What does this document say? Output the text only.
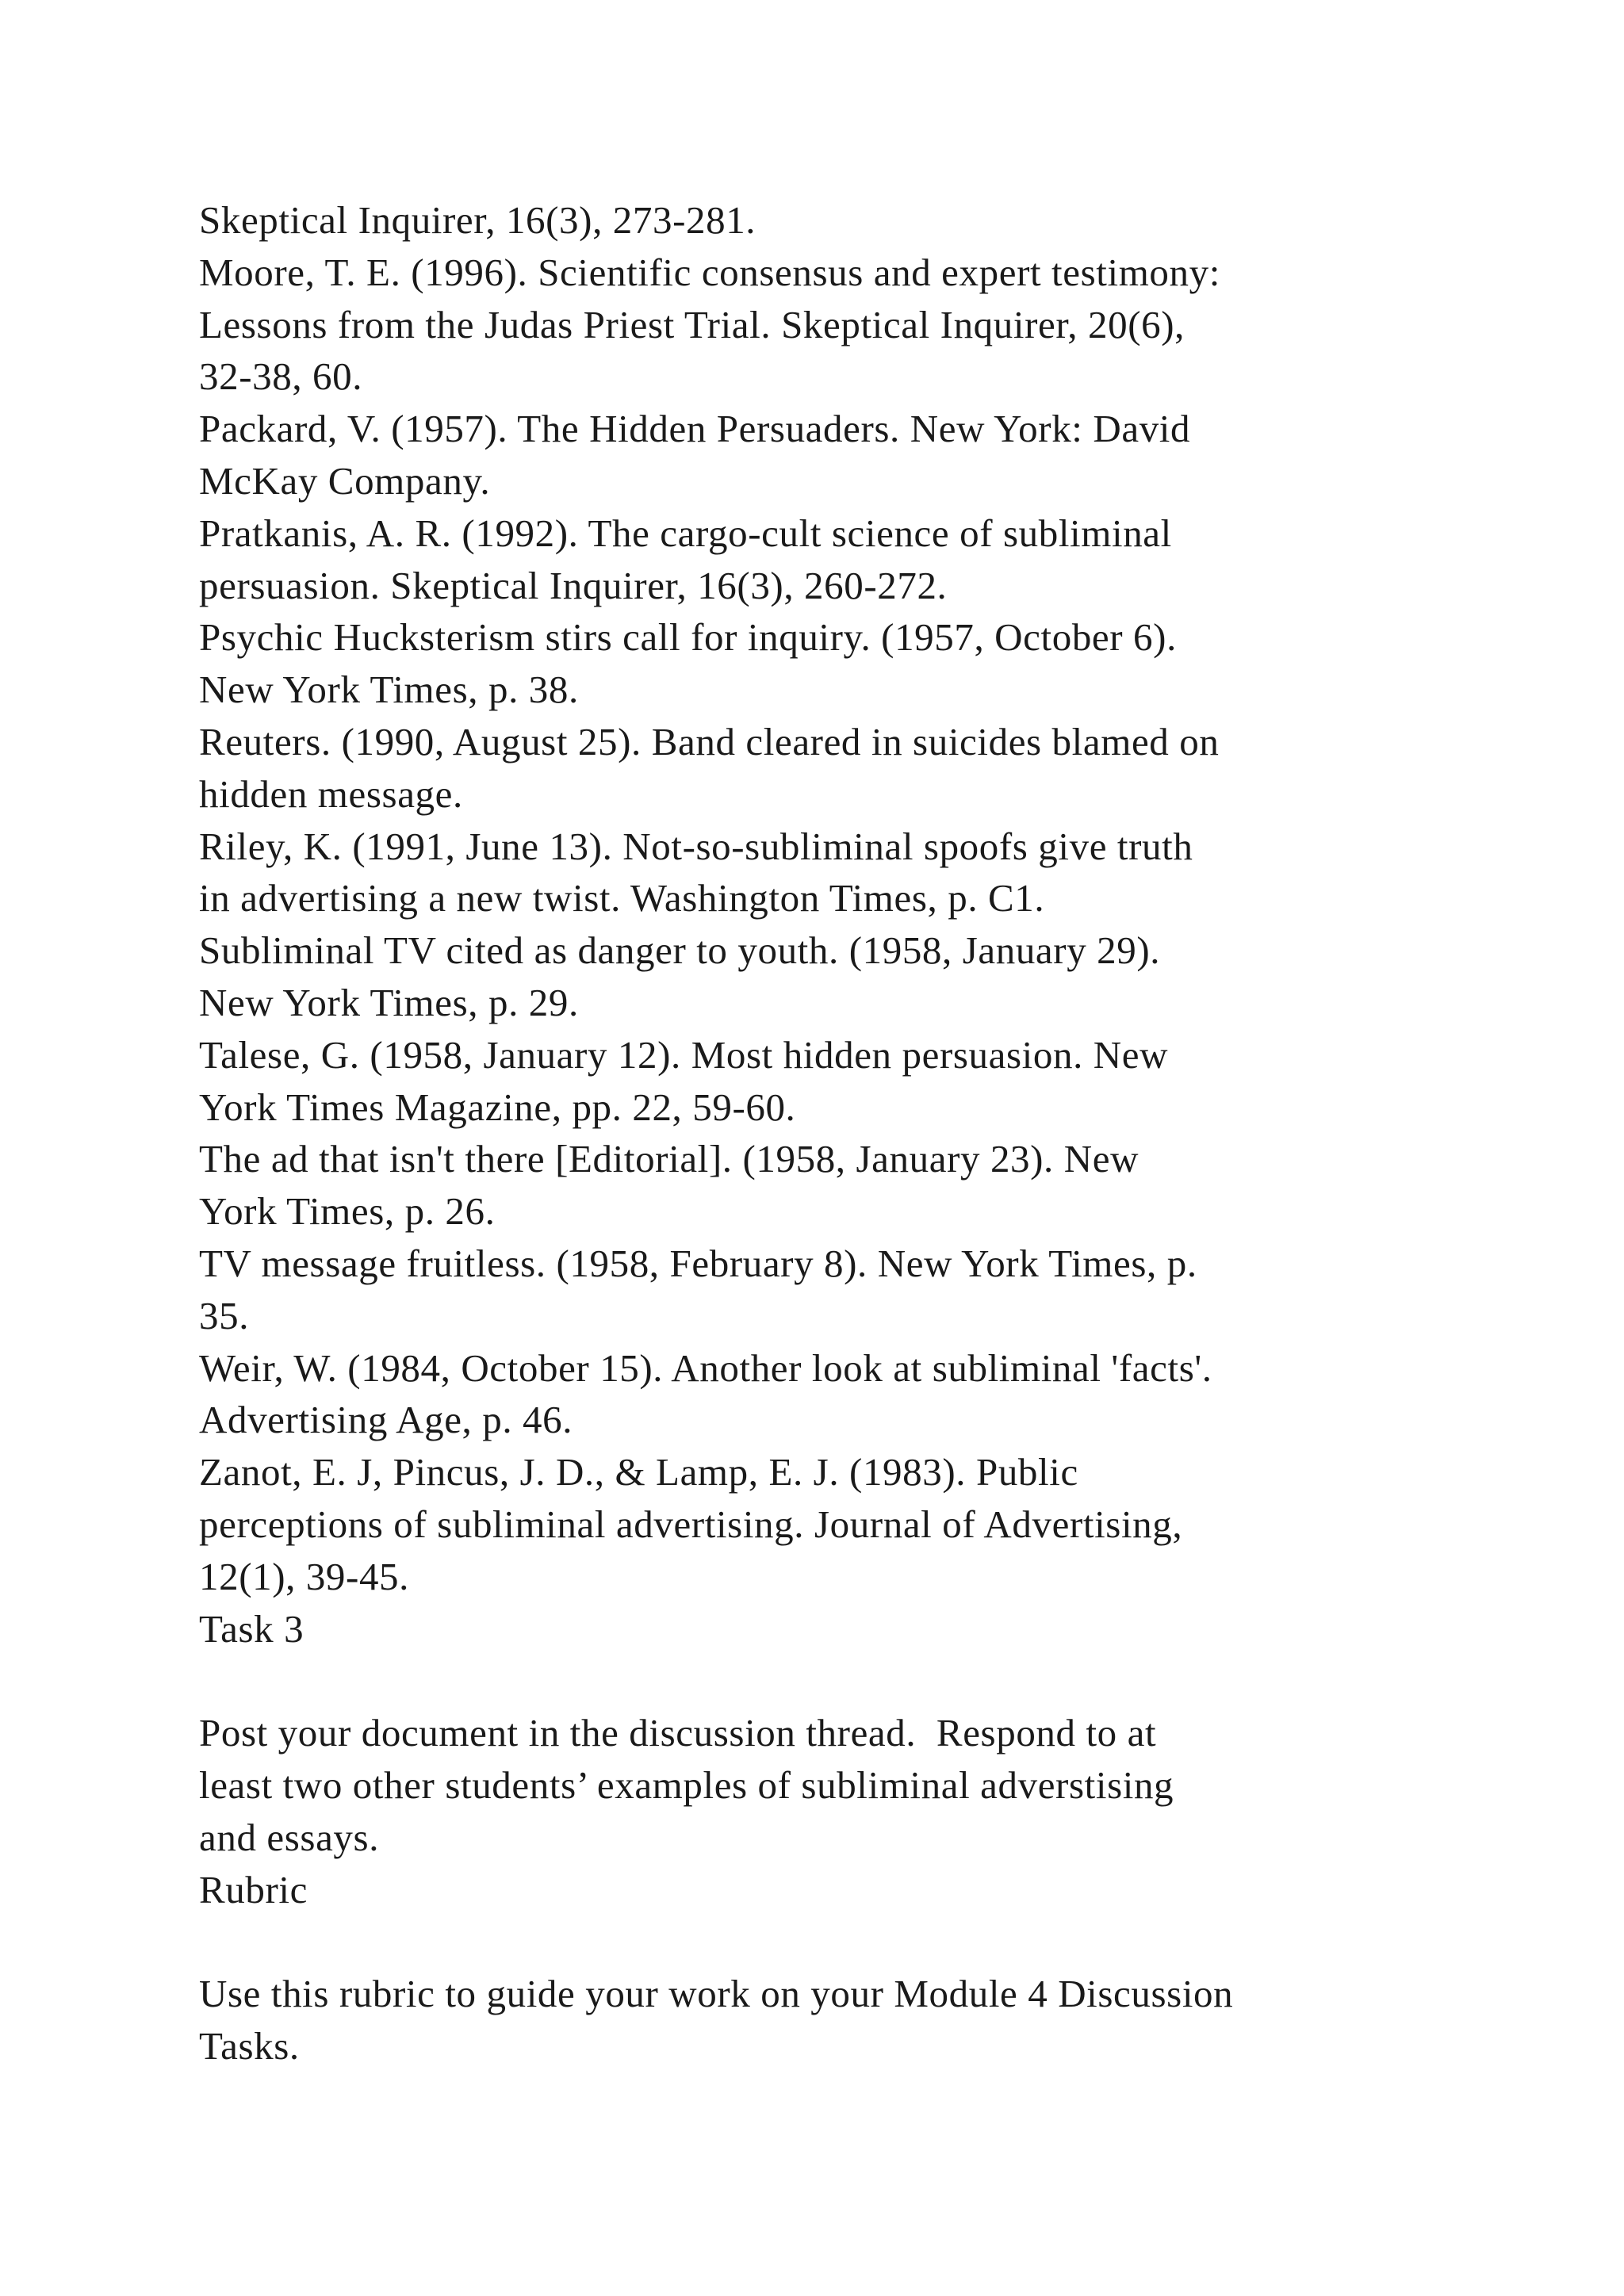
Skeptical Inquirer, 16(3), 273-281.
Moore, T. E. (1996). Scientific consensus and expert testimony:
Lessons from the Judas Priest Trial. Skeptical Inquirer, 20(6),
32-38, 60.
Packard, V. (1957). The Hidden Persuaders. New York: David
McKay Company.
Pratkanis, A. R. (1992). The cargo-cult science of subliminal
persuasion. Skeptical Inquirer, 16(3), 260-272.
Psychic Hucksterism stirs call for inquiry. (1957, October 6).
New York Times, p. 38.
Reuters. (1990, August 25). Band cleared in suicides blamed on
hidden message.
Riley, K. (1991, June 13). Not-so-subliminal spoofs give truth
in advertising a new twist. Washington Times, p. C1.
Subliminal TV cited as danger to youth. (1958, January 29).
New York Times, p. 29.
Talese, G. (1958, January 12). Most hidden persuasion. New
York Times Magazine, pp. 22, 59-60.
The ad that isn't there [Editorial]. (1958, January 23). New
York Times, p. 26.
TV message fruitless. (1958, February 8). New York Times, p.
35.
Weir, W. (1984, October 15). Another look at subliminal 'facts'.
Advertising Age, p. 46.
Zanot, E. J, Pincus, J. D., & Lamp, E. J. (1983). Public
perceptions of subliminal advertising. Journal of Advertising,
12(1), 39-45.
Task 3
Post your document in the discussion thread.  Respond to at
least two other students’ examples of subliminal adverstising
and essays.
Rubric
Use this rubric to guide your work on your Module 4 Discussion
Tasks.
